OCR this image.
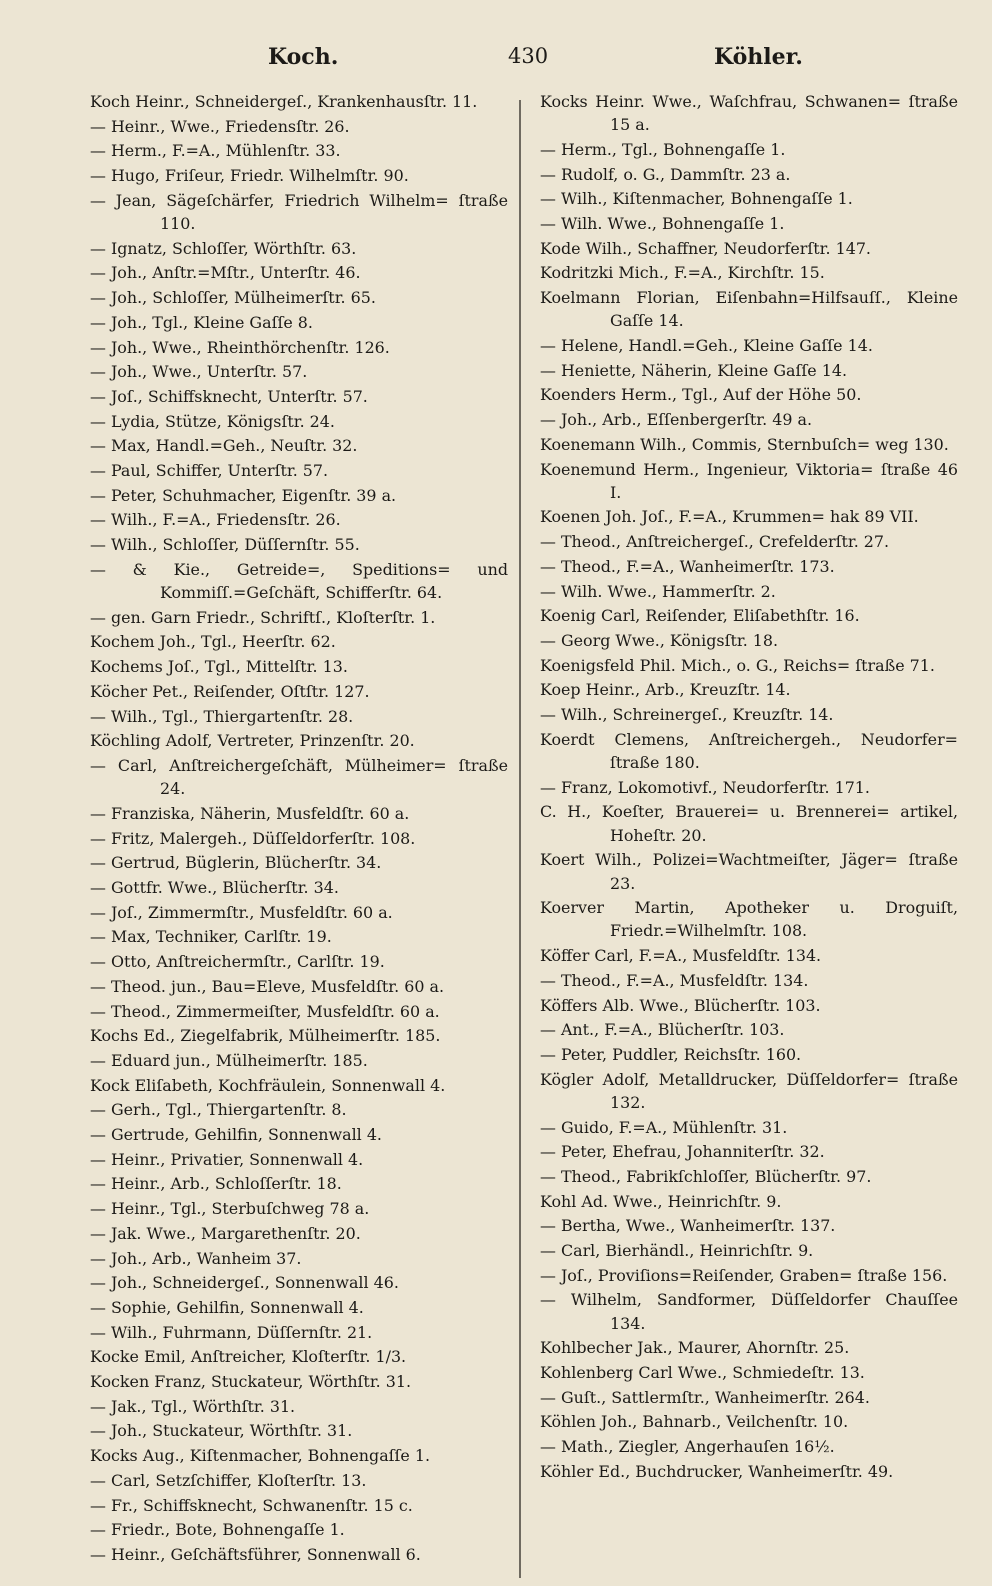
Koch.	430	Köhler.
Koch Heinr., Schneidergeſ., Krankenhausſtr. 11.
— Heinr., Wwe., Friedensſtr. 26.
— Herm., F.=A., Mühlenſtr. 33.
— Hugo, Friſeur, Friedr. Wilhelmſtr. 90.
— Jean, Sägeſchärfer, Friedrich Wilhelm= ſtraße 110.
— Ignatz, Schloſſer, Wörthſtr. 63.
— Joh., Anſtr.=Mſtr., Unterſtr. 46.
— Joh., Schloſſer, Mülheimerſtr. 65.
— Joh., Tgl., Kleine Gaſſe 8.
— Joh., Wwe., Rheinthörchenſtr. 126.
— Joh., Wwe., Unterſtr. 57.
— Joſ., Schiffsknecht, Unterſtr. 57.
— Lydia, Stütze, Königsſtr. 24.
— Max, Handl.=Geh., Neuſtr. 32.
— Paul, Schiffer, Unterſtr. 57.
— Peter, Schuhmacher, Eigenſtr. 39 a.
— Wilh., F.=A., Friedensſtr. 26.
— Wilh., Schloſſer, Düſſernſtr. 55.
— & Kie., Getreide=, Speditions= und Kommiſſ.=Geſchäft, Schifferſtr. 64.
— gen. Garn Friedr., Schriftſ., Kloſterſtr. 1.
Kochem Joh., Tgl., Heerſtr. 62.
Kochems Joſ., Tgl., Mittelſtr. 13.
Köcher Pet., Reiſender, Oſtſtr. 127.
— Wilh., Tgl., Thiergartenſtr. 28.
Köchling Adolf, Vertreter, Prinzenſtr. 20.
— Carl, Anſtreichergeſchäft, Mülheimer= ſtraße 24.
— Franziska, Näherin, Musfeldſtr. 60 a.
— Fritz, Malergeh., Düſſeldorferſtr. 108.
— Gertrud, Büglerin, Blücherſtr. 34.
— Gottfr. Wwe., Blücherſtr. 34.
— Joſ., Zimmermſtr., Musfeldſtr. 60 a.
— Max, Techniker, Carlſtr. 19.
— Otto, Anſtreichermſtr., Carlſtr. 19.
— Theod. jun., Bau=Eleve, Musfeldſtr. 60 a.
— Theod., Zimmermeiſter, Musfeldſtr. 60 a.
Kochs Ed., Ziegelfabrik, Mülheimerſtr. 185.
— Eduard jun., Mülheimerſtr. 185.
Kock Eliſabeth, Kochfräulein, Sonnenwall 4.
— Gerh., Tgl., Thiergartenſtr. 8.
— Gertrude, Gehilfin, Sonnenwall 4.
— Heinr., Privatier, Sonnenwall 4.
— Heinr., Arb., Schloſſerſtr. 18.
— Heinr., Tgl., Sterbuſchweg 78 a.
— Jak. Wwe., Margarethenſtr. 20.
— Joh., Arb., Wanheim 37.
— Joh., Schneidergeſ., Sonnenwall 46.
— Sophie, Gehilfin, Sonnenwall 4.
— Wilh., Fuhrmann, Düſſernſtr. 21.
Kocke Emil, Anſtreicher, Kloſterſtr. 1/3.
Kocken Franz, Stuckateur, Wörthſtr. 31.
— Jak., Tgl., Wörthſtr. 31.
— Joh., Stuckateur, Wörthſtr. 31.
Kocks Aug., Kiſtenmacher, Bohnengaſſe 1.
— Carl, Setzſchiffer, Kloſterſtr. 13.
— Fr., Schiffsknecht, Schwanenſtr. 15 c.
— Friedr., Bote, Bohnengaſſe 1.
— Heinr., Geſchäftsführer, Sonnenwall 6.
Kocks Heinr. Wwe., Waſchfrau, Schwanen= ſtraße 15 a.
— Herm., Tgl., Bohnengaſſe 1.
— Rudolf, o. G., Dammſtr. 23 a.
— Wilh., Kiſtenmacher, Bohnengaſſe 1.
— Wilh. Wwe., Bohnengaſſe 1.
Kode Wilh., Schaffner, Neudorferſtr. 147.
Kodritzki Mich., F.=A., Kirchſtr. 15.
Koelmann Florian, Eiſenbahn=Hilfsauſſ., Kleine Gaſſe 14.
— Helene, Handl.=Geh., Kleine Gaſſe 14.
— Heniette, Näherin, Kleine Gaſſe 14.
Koenders Herm., Tgl., Auf der Höhe 50.
— Joh., Arb., Eſſenbergerſtr. 49 a.
Koenemann Wilh., Commis, Sternbuſch= weg 130.
Koenemund Herm., Ingenieur, Viktoria= ſtraße 46 I.
Koenen Joh. Joſ., F.=A., Krummen= hak 89 VII.
— Theod., Anſtreichergeſ., Crefelderſtr. 27.
— Theod., F.=A., Wanheimerſtr. 173.
— Wilh. Wwe., Hammerſtr. 2.
Koenig Carl, Reiſender, Eliſabethſtr. 16.
— Georg Wwe., Königsſtr. 18.
Koenigsfeld Phil. Mich., o. G., Reichs= ſtraße 71.
Koep Heinr., Arb., Kreuzſtr. 14.
— Wilh., Schreinergeſ., Kreuzſtr. 14.
Koerdt Clemens, Anſtreichergeh., Neudorfer= ſtraße 180.
— Franz, Lokomotivf., Neudorferſtr. 171.
C. H., Koeſter, Brauerei= u. Brennerei= artikel, Hoheſtr. 20.
Koert Wilh., Polizei=Wachtmeiſter, Jäger= ſtraße 23.
Koerver Martin, Apotheker u. Droguiſt, Friedr.=Wilhelmſtr. 108.
Köffer Carl, F.=A., Musfeldſtr. 134.
— Theod., F.=A., Musfeldſtr. 134.
Köffers Alb. Wwe., Blücherſtr. 103.
— Ant., F.=A., Blücherſtr. 103.
— Peter, Puddler, Reichsſtr. 160.
Kögler Adolf, Metalldrucker, Düſſeldorfer= ſtraße 132.
— Guido, F.=A., Mühlenſtr. 31.
— Peter, Ehefrau, Johanniterſtr. 32.
— Theod., Fabrikſchloſſer, Blücherſtr. 97.
Kohl Ad. Wwe., Heinrichſtr. 9.
— Bertha, Wwe., Wanheimerſtr. 137.
— Carl, Bierhändl., Heinrichſtr. 9.
— Joſ., Proviſions=Reiſender, Graben= ſtraße 156.
— Wilhelm, Sandformer, Düſſeldorfer Chauſſee 134.
Kohlbecher Jak., Maurer, Ahornſtr. 25.
Kohlenberg Carl Wwe., Schmiedeſtr. 13.
— Guſt., Sattlermſtr., Wanheimerſtr. 264.
Köhlen Joh., Bahnarb., Veilchenſtr. 10.
— Math., Ziegler, Angerhauſen 16½.
Köhler Ed., Buchdrucker, Wanheimerſtr. 49.
